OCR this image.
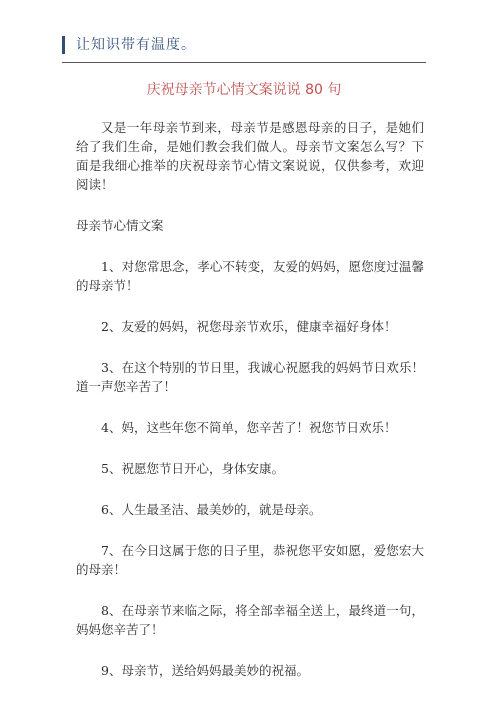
让知识带有温度。
庆祝母亲节心情文案说说 80 句

又是一年母亲节到来，母亲节是感恩母亲的日子，是她们给了我们生命，是她们教会我们做人。母亲节文案怎么写？下面是我细心推举的庆祝母亲节心情文案说说，仅供参考，欢迎阅读！

母亲节心情文案

1、对您常思念，孝心不转变，友爱的妈妈，愿您度过温馨的母亲节！

2、友爱的妈妈，祝您母亲节欢乐，健康幸福好身体！

3、在这个特别的节日里，我诚心祝愿我的妈妈节日欢乐！道一声您辛苦了！

4、妈，这些年您不简单，您辛苦了！祝您节日欢乐！

5、祝愿您节日开心，身体安康。

6、人生最圣洁、最美妙的，就是母亲。

7、在今日这属于您的日子里，恭祝您平安如愿，爱您宏大的母亲！

8、在母亲节来临之际，将全部幸福全送上，最终道一句，妈妈您辛苦了！

9、母亲节，送给妈妈最美妙的祝福。
